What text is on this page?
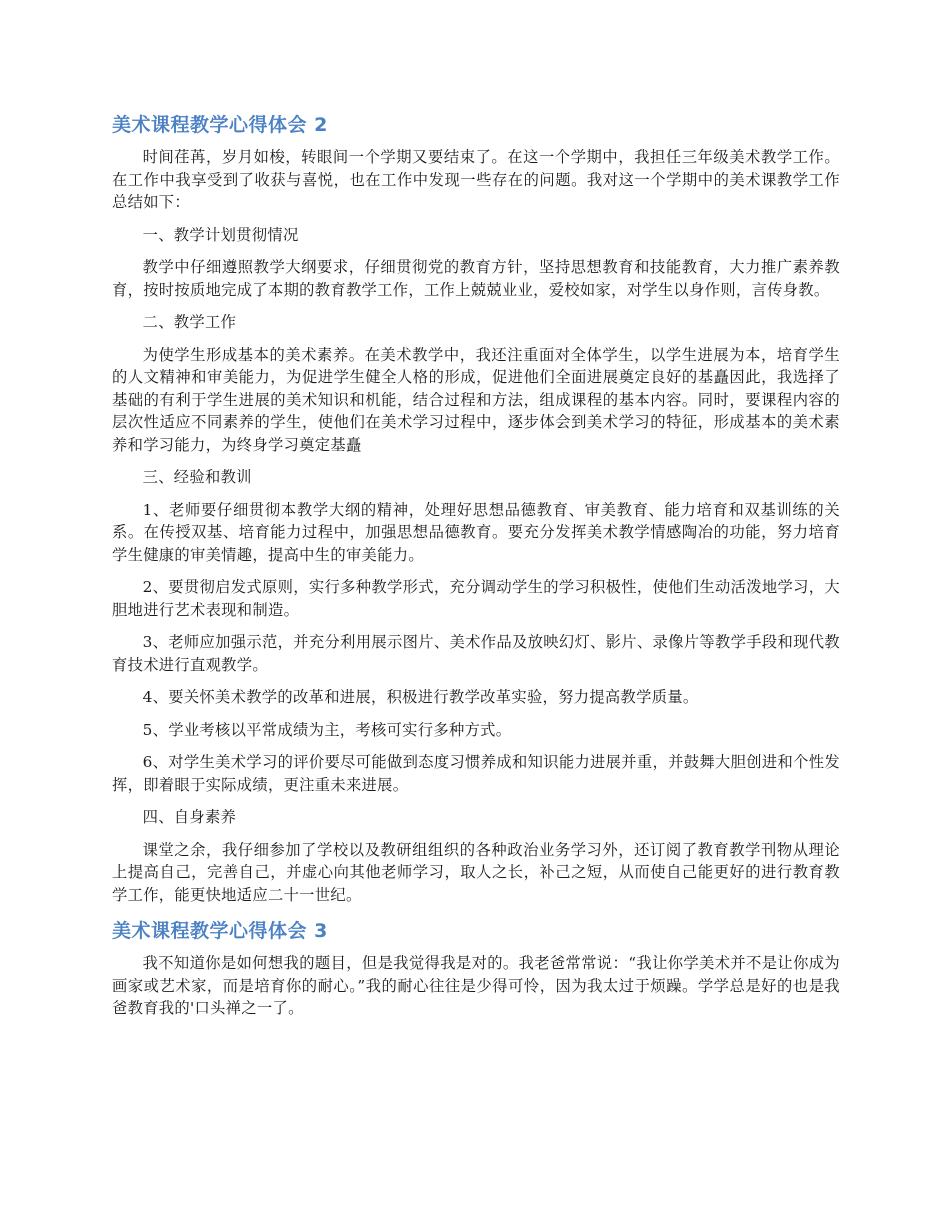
美术课程教学心得体会 2

时间荏苒，岁月如梭，转眼间一个学期又要结束了。在这一个学期中，我担任三年级美术教学工作。在工作中我享受到了收获与喜悦，也在工作中发现一些存在的问题。我对这一个学期中的美术课教学工作总结如下：

一、教学计划贯彻情况

教学中仔细遵照教学大纲要求，仔细贯彻党的教育方针，坚持思想教育和技能教育，大力推广素养教育，按时按质地完成了本期的教育教学工作，工作上兢兢业业，爱校如家，对学生以身作则，言传身教。

二、教学工作

为使学生形成基本的美术素养。在美术教学中，我还注重面对全体学生，以学生进展为本，培育学生的人文精神和审美能力，为促进学生健全人格的形成，促进他们全面进展奠定良好的基矗因此，我选择了基础的有利于学生进展的美术知识和机能，结合过程和方法，组成课程的基本内容。同时，要课程内容的层次性适应不同素养的学生，使他们在美术学习过程中，逐步体会到美术学习的特征，形成基本的美术素养和学习能力，为终身学习奠定基矗

三、经验和教训

1、老师要仔细贯彻本教学大纲的精神，处理好思想品德教育、审美教育、能力培育和双基训练的关系。在传授双基、培育能力过程中，加强思想品德教育。要充分发挥美术教学情感陶冶的功能，努力培育学生健康的审美情趣，提高中生的审美能力。

2、要贯彻启发式原则，实行多种教学形式，充分调动学生的学习积极性，使他们生动活泼地学习，大胆地进行艺术表现和制造。

3、老师应加强示范，并充分利用展示图片、美术作品及放映幻灯、影片、录像片等教学手段和现代教育技术进行直观教学。

4、要关怀美术教学的改革和进展，积极进行教学改革实验，努力提高教学质量。

5、学业考核以平常成绩为主，考核可实行多种方式。

6、对学生美术学习的评价要尽可能做到态度习惯养成和知识能力进展并重，并鼓舞大胆创进和个性发挥，即着眼于实际成绩，更注重未来进展。

四、自身素养

课堂之余，我仔细参加了学校以及教研组组织的各种政治业务学习外，还订阅了教育教学刊物从理论上提高自己，完善自己，并虚心向其他老师学习，取人之长，补己之短，从而使自己能更好的进行教育教学工作，能更快地适应二十一世纪。

美术课程教学心得体会 3

我不知道你是如何想我的题目，但是我觉得我是对的。我老爸常常说：“我让你学美术并不是让你成为画家或艺术家，而是培育你的耐心。”我的耐心往往是少得可怜，因为我太过于烦躁。学学总是好的也是我爸教育我的'口头禅之一了。
